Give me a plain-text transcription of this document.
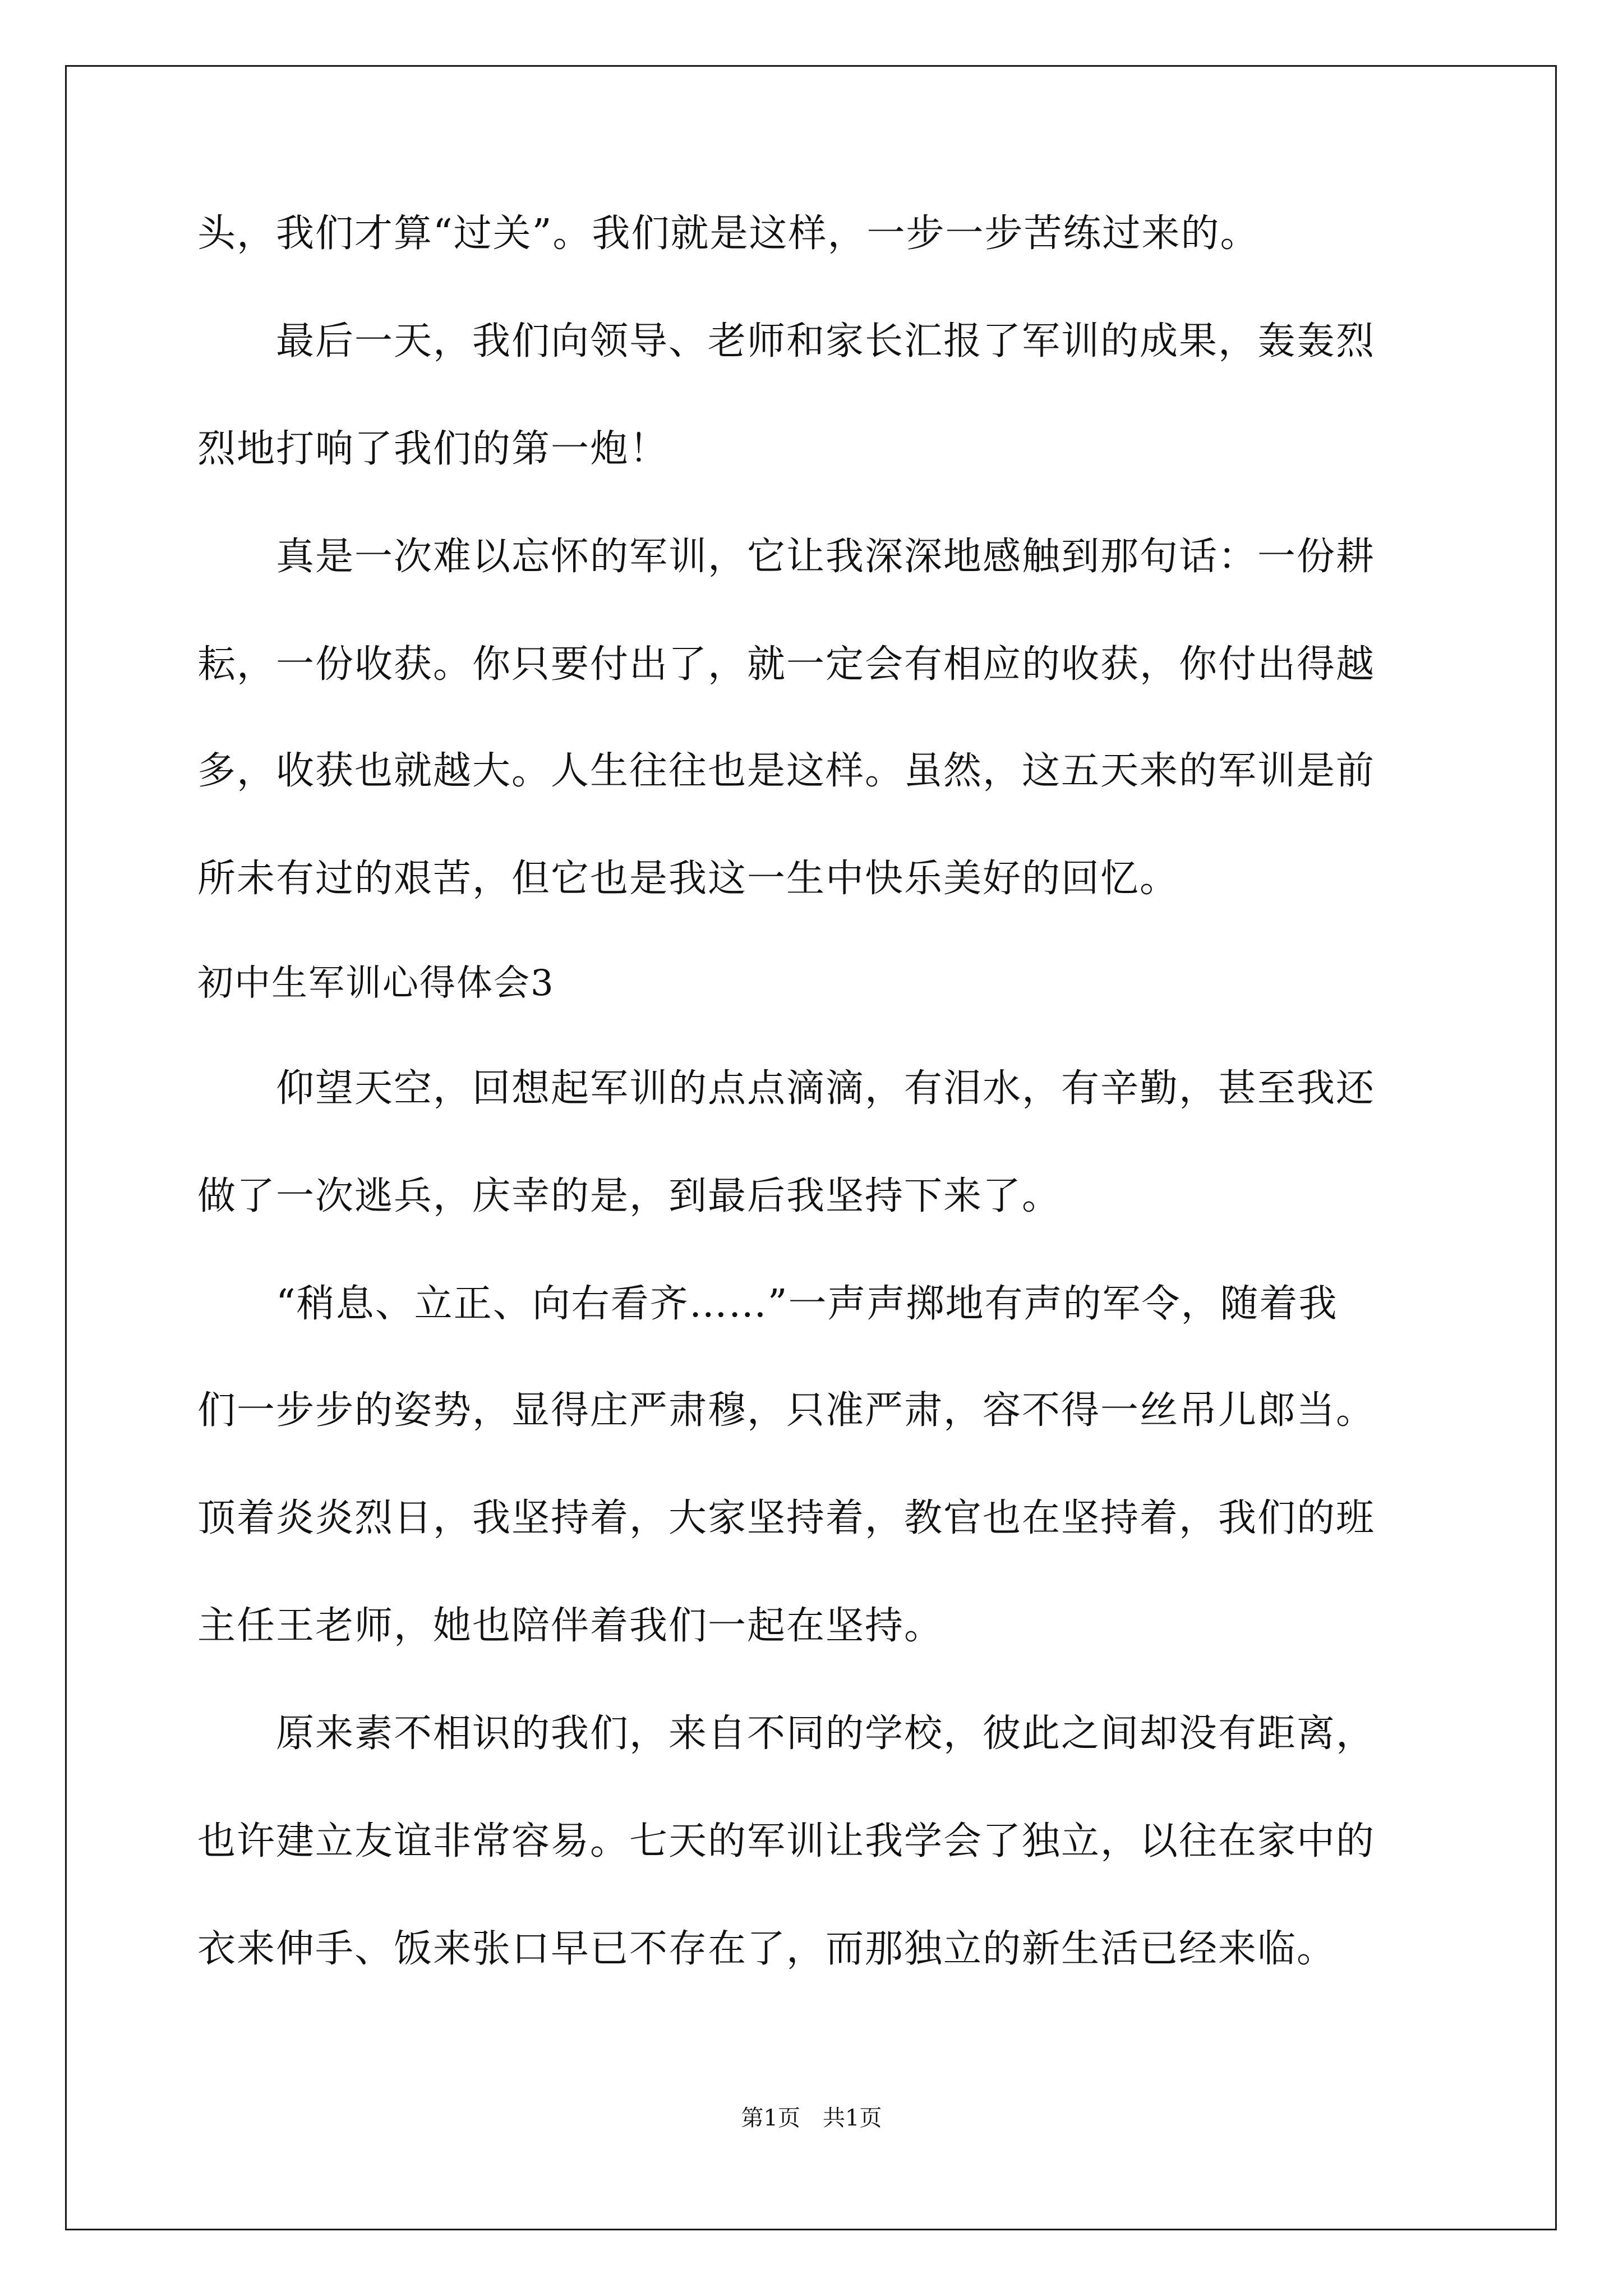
头，我们才算“过关”。我们就是这样，一步一步苦练过来的。
　　最后一天，我们向领导、老师和家长汇报了军训的成果，轰轰烈
烈地打响了我们的第一炮！
　　真是一次难以忘怀的军训，它让我深深地感触到那句话：一份耕
耘，一份收获。你只要付出了，就一定会有相应的收获，你付出得越
多，收获也就越大。人生往往也是这样。虽然，这五天来的军训是前
所未有过的艰苦，但它也是我这一生中快乐美好的回忆。
初中生军训心得体会3
　　仰望天空，回想起军训的点点滴滴，有泪水，有辛勤，甚至我还
做了一次逃兵，庆幸的是，到最后我坚持下来了。
　　“稍息、立正、向右看齐……”一声声掷地有声的军令，随着我
们一步步的姿势，显得庄严肃穆，只准严肃，容不得一丝吊儿郎当。
顶着炎炎烈日，我坚持着，大家坚持着，教官也在坚持着，我们的班
主任王老师，她也陪伴着我们一起在坚持。
　　原来素不相识的我们，来自不同的学校，彼此之间却没有距离，
也许建立友谊非常容易。七天的军训让我学会了独立，以往在家中的
衣来伸手、饭来张口早已不存在了，而那独立的新生活已经来临。
第1页　共1页
